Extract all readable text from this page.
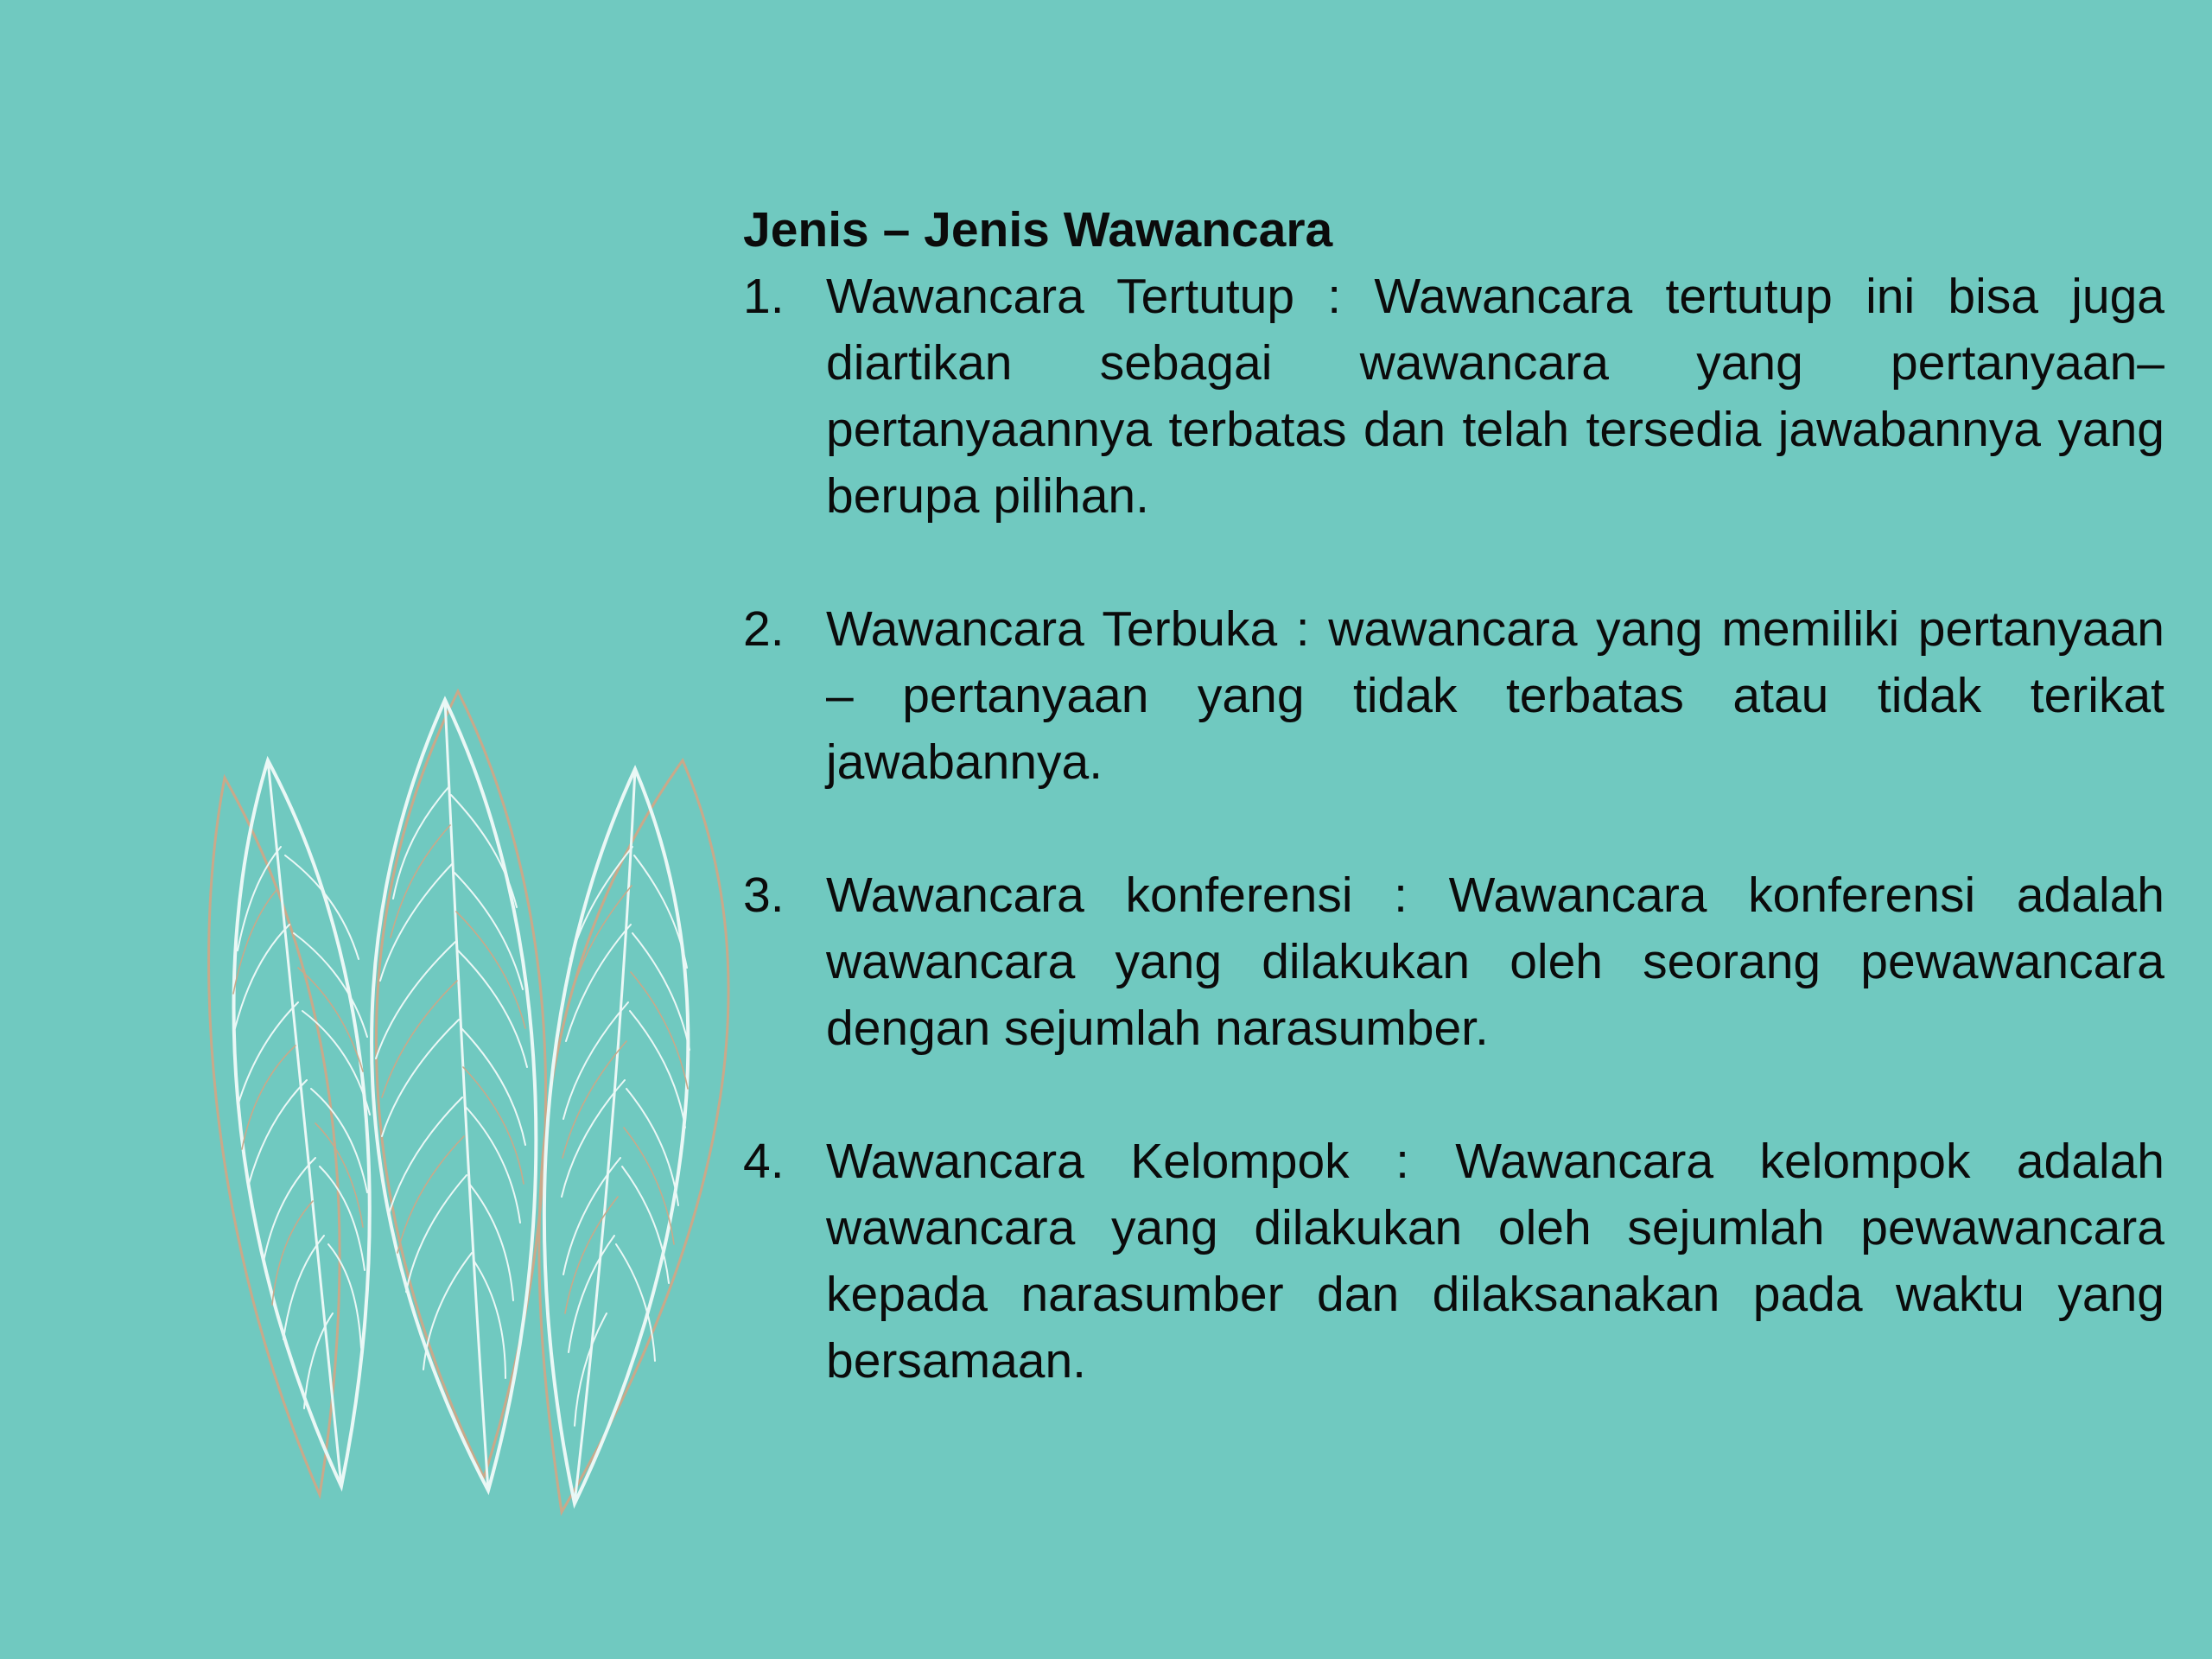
Jenis – Jenis Wawancara
1. Wawancara Tertutup : Wawancara tertutup ini bisa juga diartikan sebagai wawancara yang pertanyaan–pertanyaannya terbatas dan telah tersedia jawabannya yang berupa pilihan.
2. Wawancara Terbuka : wawancara yang memiliki pertanyaan – pertanyaan yang tidak terbatas atau tidak terikat jawabannya.
3. Wawancara konferensi : Wawancara konferensi adalah wawancara yang dilakukan oleh seorang pewawancara dengan sejumlah narasumber.
4. Wawancara Kelompok : Wawancara kelompok adalah wawancara yang dilakukan oleh sejumlah pewawancara kepada narasumber dan dilaksanakan pada waktu yang bersamaan.
